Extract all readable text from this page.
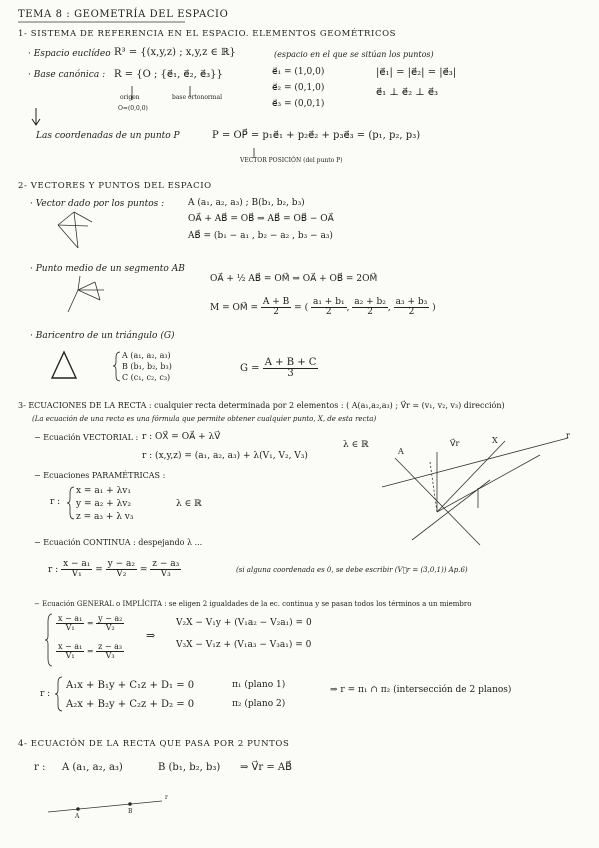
TEMA 8 : GEOMETRÍA DEL ESPACIO
1- SISTEMA DE REFERENCIA EN EL ESPACIO. ELEMENTOS GEOMÉTRICOS
· Espacio euclídeo R³ = {(x,y,z) ; x,y,z ∈ ℝ}	(espacio en el que se sitúan los puntos)
· Base canónica : R = {O ; {e⃗₁, e⃗₂, e⃗₃}}
origen
O=(0,0,0)
base ortonormal
e⃗₁ = (1,0,0)
e⃗₂ = (0,1,0)
e⃗₃ = (0,0,1)
|e⃗₁| = |e⃗₂| = |e⃗₃|
e⃗₁ ⊥ e⃗₂ ⊥ e⃗₃
Las coordenadas de un punto P	P = OP⃗ = p₁e⃗₁ + p₂e⃗₂ + p₃e⃗₃ = (p₁, p₂, p₃)
VECTOR POSICIÓN (del punto P)
2- VECTORES Y PUNTOS DEL ESPACIO
· Vector dado por los puntos :	A (a₁, a₂, a₃) ; B(b₁, b₂, b₃)
OA⃗ + AB⃗ = OB⃗ ⇒ AB⃗ = OB⃗ − OA⃗
AB⃗ = (b₁ − a₁ , b₂ − a₂ , b₃ − a₃)
· Punto medio de un segmento AB
OA⃗ + ½ AB⃗ = OM⃗ ⇒ OA⃗ + OB⃗ = 2OM⃗
M = OM⃗ = $\frac{A + B}{2}$ = ( $\frac{\text{a₁ + b₁}}{2}$ , $\frac{\text{a₂ + b₂}}{2}$ , $\frac{\text{a₃ + b₃}}{2}$ )
· Baricentro de un triángulo (G)
A (a₁, a₂, a₃)
B (b₁, b₂, b₃)
C (c₁, c₂, c₃)
$G = \frac{A + B + C}{3}$
3- ECUACIONES DE LA RECTA : cualquier recta determinada por 2 elementos : ( A(a₁,a₂,a₃) ; V⃗r = (v₁, v₂, v₃) dirección)
(La ecuación de una recta es una fórmula que permite obtener cualquier punto, X, de esta recta)
− Ecuación VECTORIAL : r : OX⃗ = OA⃗ + λV⃗
r : (x,y,z) = (a₁, a₂, a₃) + λ(V₁, V₂, V₃)
λ ∈ ℝ
− Ecuaciones PARAMÉTRICAS :
r :
x = a₁ + λv₁
y = a₂ + λv₂
z = a₃ + λ v₃
λ ∈ ℝ
A
V⃗r	X
r
− Ecuación CONTINUA : despejando λ ...
r : $\frac{\text{x − a₁}}{\text{V₁}} = \frac{\text{y − a₂}}{\text{V₂}} = \frac{\text{z − a₃}}{\text{V₃}}$	(si alguna coordenada es 0, se debe escribir (V⃗r = (3,0,1)) Ap.6)
− Ecuación GENERAL o IMPLÍCITA : se eligen 2 igualdades de la ec. continua y se pasan todos los términos a un miembro
$\frac{\text{x − a₁}}{\text{V₁}} = \frac{\text{y − a₂}}{\text{V₂}}$
$\frac{\text{x − a₁}}{\text{V₁}} = \frac{\text{z − a₃}}{\text{V₃}}$
⇒
V₂X − V₁y + (V₁a₂ − V₂a₁) = 0
V₃X − V₁z + (V₁a₃ − V₃a₁) = 0
r :
A₁x + B₁y + C₁z + D₁ = 0
A₂x + B₂y + C₂z + D₂ = 0
π₁ (plano 1)
π₂ (plano 2)
⇒ r = π₁ ∩ π₂ (intersección de 2 planos)
4- ECUACIÓN DE LA RECTA QUE PASA POR 2 PUNTOS
r : A (a₁, a₂, a₃)	B (b₁, b₂, b₃) ⇒ V⃗r = AB⃗
A
B
r
